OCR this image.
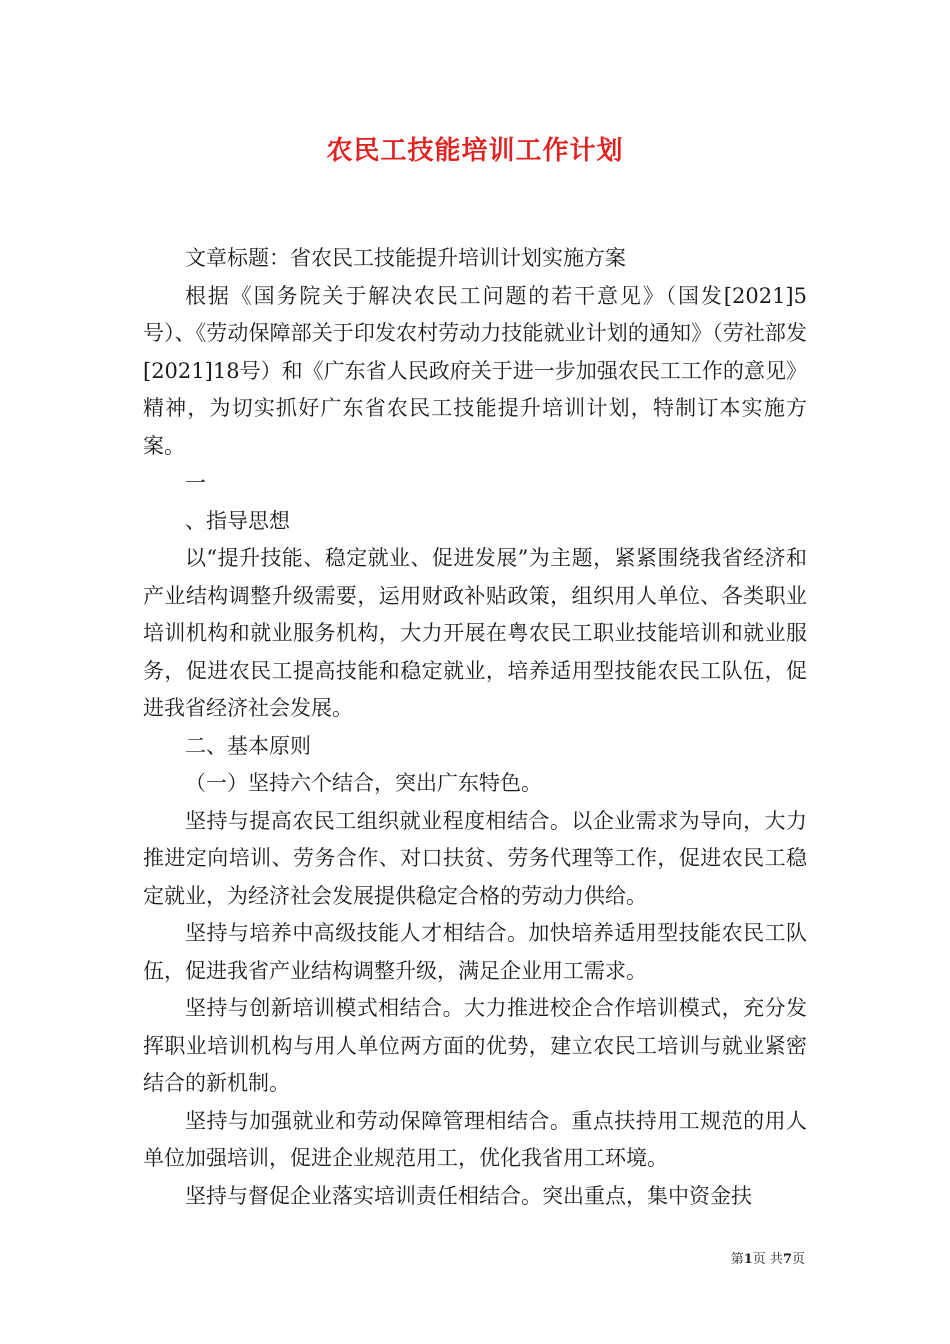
农民工技能培训工作计划

文章标题：省农民工技能提升培训计划实施方案

根据《国务院关于解决农民工问题的若干意见》（国发[2021]5号）、《劳动保障部关于印发农村劳动力技能就业计划的通知》（劳社部发[2021]18号）和《广东省人民政府关于进一步加强农民工工作的意见》精神，为切实抓好广东省农民工技能提升培训计划，特制订本实施方案。

一

、指导思想

以“提升技能、稳定就业、促进发展”为主题，紧紧围绕我省经济和产业结构调整升级需要，运用财政补贴政策，组织用人单位、各类职业培训机构和就业服务机构，大力开展在粤农民工职业技能培训和就业服务，促进农民工提高技能和稳定就业，培养适用型技能农民工队伍，促进我省经济社会发展。

二、基本原则

（一）坚持六个结合，突出广东特色。

坚持与提高农民工组织就业程度相结合。以企业需求为导向，大力推进定向培训、劳务合作、对口扶贫、劳务代理等工作，促进农民工稳定就业，为经济社会发展提供稳定合格的劳动力供给。

坚持与培养中高级技能人才相结合。加快培养适用型技能农民工队伍，促进我省产业结构调整升级，满足企业用工需求。

坚持与创新培训模式相结合。大力推进校企合作培训模式，充分发挥职业培训机构与用人单位两方面的优势，建立农民工培训与就业紧密结合的新机制。

坚持与加强就业和劳动保障管理相结合。重点扶持用工规范的用人单位加强培训，促进企业规范用工，优化我省用工环境。

坚持与督促企业落实培训责任相结合。突出重点，集中资金扶

第1页 共7页
